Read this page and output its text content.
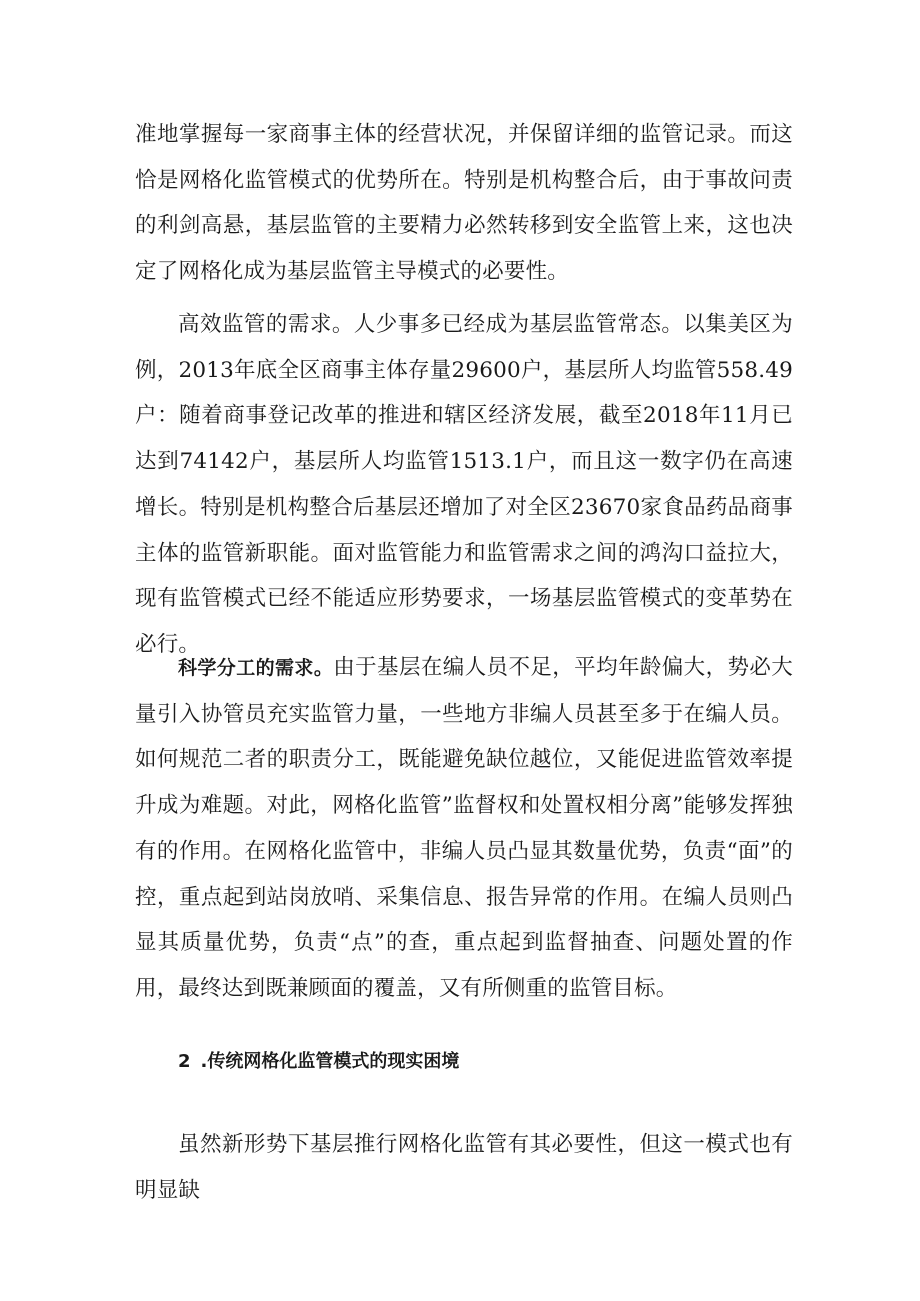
准地掌握每一家商事主体的经营状况，并保留详细的监管记录。而这恰是网格化监管模式的优势所在。特别是机构整合后，由于事故问责的利剑高悬，基层监管的主要精力必然转移到安全监管上来，这也决定了网格化成为基层监管主导模式的必要性。

高效监管的需求。人少事多已经成为基层监管常态。以集美区为例，2013年底全区商事主体存量29600户，基层所人均监管558.49户：随着商事登记改革的推进和辖区经济发展，截至2018年11月已达到74142户，基层所人均监管1513.1户，而且这一数字仍在高速增长。特别是机构整合后基层还增加了对全区23670家食品药品商事主体的监管新职能。面对监管能力和监管需求之间的鸿沟口益拉大，现有监管模式已经不能适应形势要求，一场基层监管模式的变革势在必行。

科学分工的需求。由于基层在编人员不足，平均年龄偏大，势必大量引入协管员充实监管力量，一些地方非编人员甚至多于在编人员。如何规范二者的职责分工，既能避免缺位越位，又能促进监管效率提升成为难题。对此，网格化监管”监督权和处置权相分离”能够发挥独有的作用。在网格化监管中，非编人员凸显其数量优势，负责“面”的控，重点起到站岗放哨、采集信息、报告异常的作用。在编人员则凸显其质量优势，负责“点”的查，重点起到监督抽查、问题处置的作用，最终达到既兼顾面的覆盖，又有所侧重的监管目标。

2 .传统网格化监管模式的现实困境

虽然新形势下基层推行网格化监管有其必要性，但这一模式也有明显缺
